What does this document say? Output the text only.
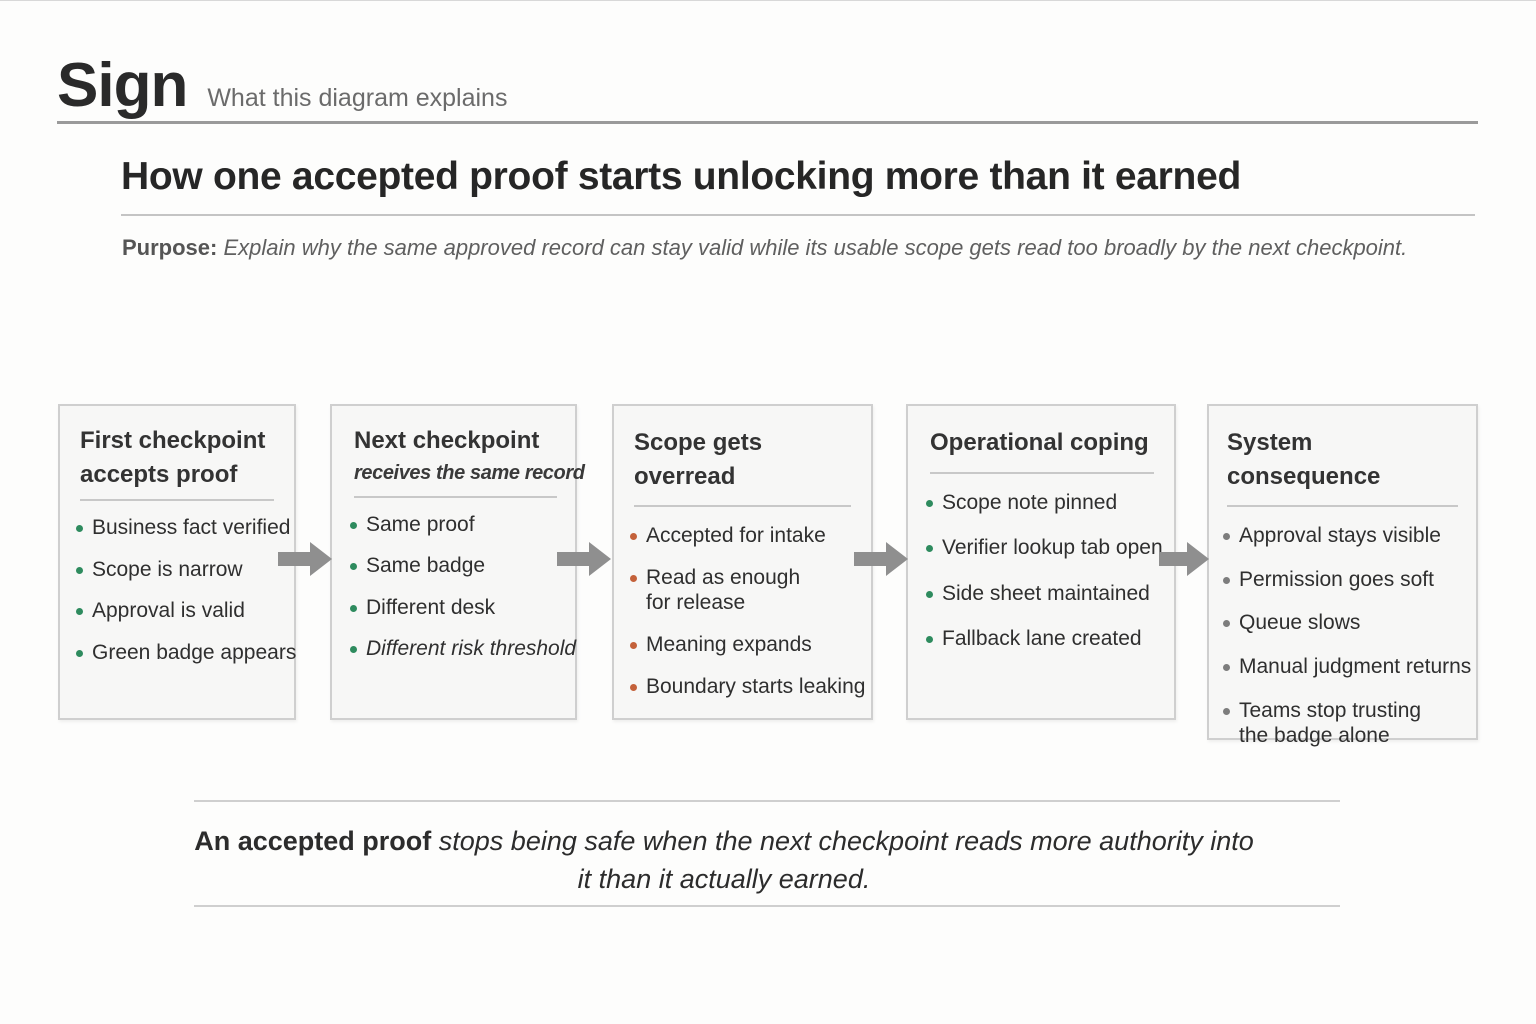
Sign What this diagram explains
How one accepted proof starts unlocking more than it earned
Purpose: Explain why the same approved record can stay valid while its usable scope gets read too broadly by the next checkpoint.
First checkpoint accepts proof
Business fact verified
Scope is narrow
Approval is valid
Green badge appears
Next checkpoint
receives the same record
Same proof
Same badge
Different desk
Different risk threshold
Scope gets overread
Accepted for intake
Read as enough for release
Meaning expands
Boundary starts leaking
Operational coping
Scope note pinned
Verifier lookup tab open
Side sheet maintained
Fallback lane created
System consequence
Approval stays visible
Permission goes soft
Queue slows
Manual judgment returns
Teams stop trusting the badge alone
An accepted proof stops being safe when the next checkpoint reads more authority into it than it actually earned.
